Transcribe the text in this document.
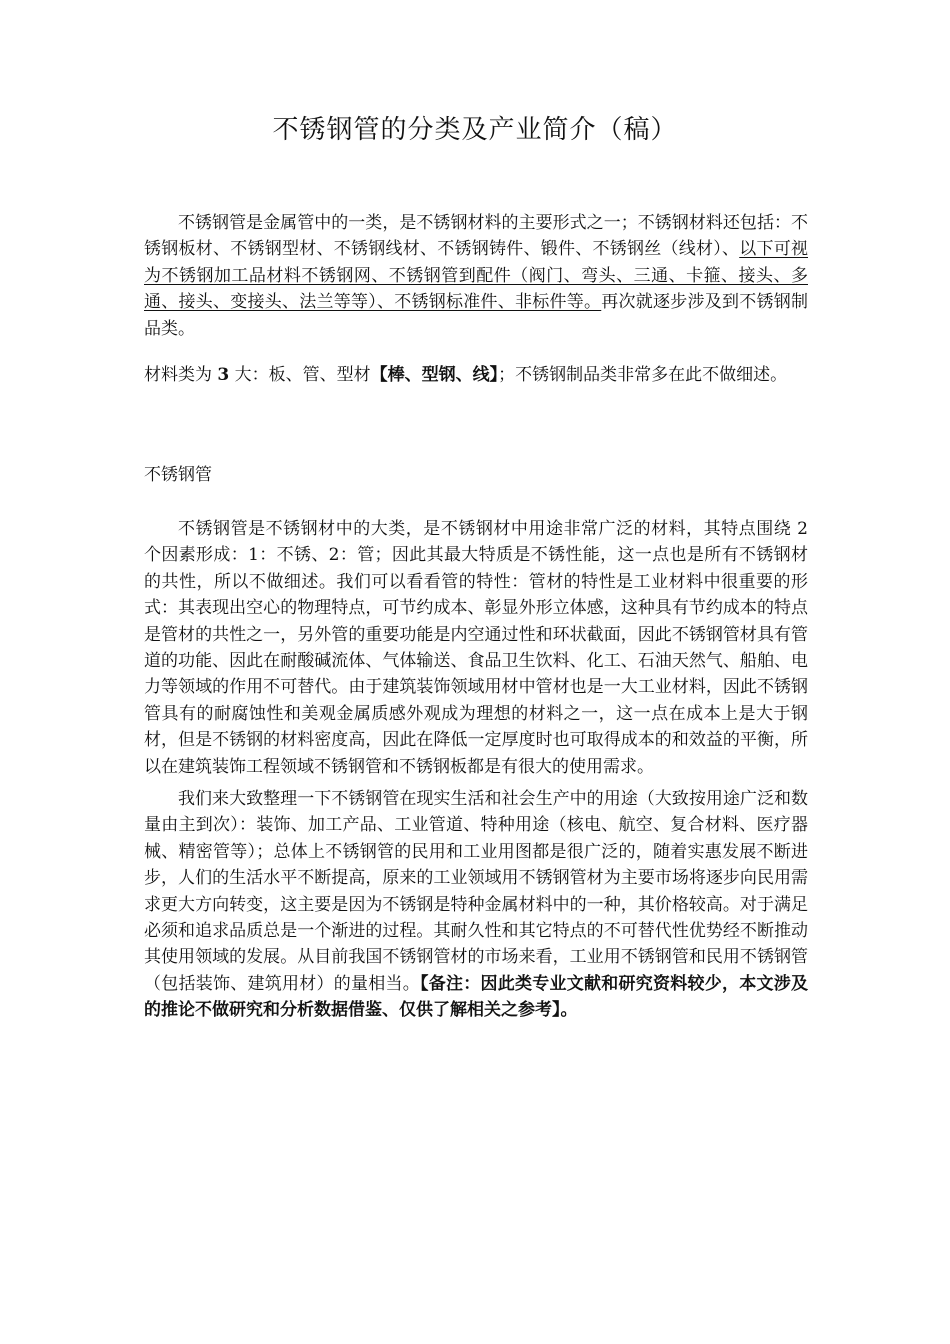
不锈钢管的分类及产业简介（稿）

不锈钢管是金属管中的一类，是不锈钢材料的主要形式之一；不锈钢材料还包括：不锈钢板材、不锈钢型材、不锈钢线材、不锈钢铸件、锻件、不锈钢丝（线材）、以下可视为不锈钢加工品材料不锈钢网、不锈钢管到配件（阀门、弯头、三通、卡箍、接头、多通、接头、变接头、法兰等等）、不锈钢标准件、非标件等。再次就逐步涉及到不锈钢制品类。

材料类为 3 大：板、管、型材【棒、型钢、线】；不锈钢制品类非常多在此不做细述。

不锈钢管

不锈钢管是不锈钢材中的大类，是不锈钢材中用途非常广泛的材料，其特点围绕 2 个因素形成：1：不锈、2：管；因此其最大特质是不锈性能，这一点也是所有不锈钢材的共性，所以不做细述。我们可以看看管的特性：管材的特性是工业材料中很重要的形式：其表现出空心的物理特点，可节约成本、彰显外形立体感，这种具有节约成本的特点是管材的共性之一，另外管的重要功能是内空通过性和环状截面，因此不锈钢管材具有管道的功能、因此在耐酸碱流体、气体输送、食品卫生饮料、化工、石油天然气、船舶、电力等领域的作用不可替代。由于建筑装饰领域用材中管材也是一大工业材料，因此不锈钢管具有的耐腐蚀性和美观金属质感外观成为理想的材料之一，这一点在成本上是大于钢材，但是不锈钢的材料密度高，因此在降低一定厚度时也可取得成本的和效益的平衡，所以在建筑装饰工程领域不锈钢管和不锈钢板都是有很大的使用需求。

我们来大致整理一下不锈钢管在现实生活和社会生产中的用途（大致按用途广泛和数量由主到次）：装饰、加工产品、工业管道、特种用途（核电、航空、复合材料、医疗器械、精密管等）；总体上不锈钢管的民用和工业用图都是很广泛的，随着实惠发展不断进步，人们的生活水平不断提高，原来的工业领域用不锈钢管材为主要市场将逐步向民用需求更大方向转变，这主要是因为不锈钢是特种金属材料中的一种，其价格较高。对于满足必须和追求品质总是一个渐进的过程。其耐久性和其它特点的不可替代性优势经不断推动其使用领域的发展。从目前我国不锈钢管材的市场来看，工业用不锈钢管和民用不锈钢管（包括装饰、建筑用材）的量相当。【备注：因此类专业文献和研究资料较少，本文涉及的推论不做研究和分析数据借鉴、仅供了解相关之参考】。
